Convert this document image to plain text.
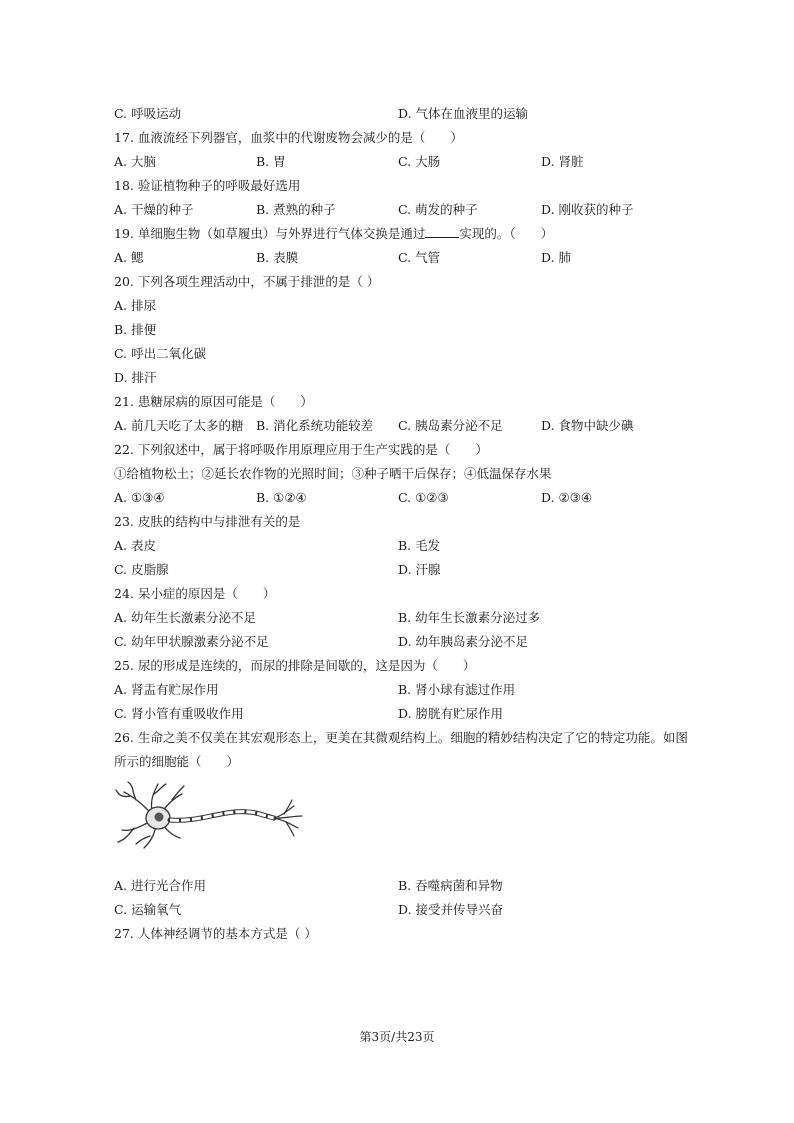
C. 呼吸运动	D. 气体在血液里的运输
17. 血液流经下列器官，血浆中的代谢废物会减少的是（　　）
A. 大脑	B. 胃	C. 大肠	D. 肾脏
18. 验证植物种子的呼吸最好选用
A. 干燥的种子	B. 煮熟的种子	C. 萌发的种子	D. 刚收获的种子
19. 单细胞生物（如草履虫）与外界进行气体交换是通过	实现的。（　　）
A. 鳃	B. 表膜	C. 气管	D. 肺
20. 下列各项生理活动中，不属于排泄的是（ ）
A. 排尿
B. 排便
C. 呼出二氧化碳
D. 排汗
21. 患糖尿病的原因可能是（　　）
A. 前几天吃了太多的糖 B. 消化系统功能较差 C. 胰岛素分泌不足	D. 食物中缺少碘
22. 下列叙述中，属于将呼吸作用原理应用于生产实践的是（　　）
①给植物松土；②延长农作物的光照时间；③种子晒干后保存；④低温保存水果
A. ①③④	B. ①②④	C. ①②③	D. ②③④
23. 皮肤的结构中与排泄有关的是
A. 表皮	B. 毛发
C. 皮脂腺	D. 汗腺
24. 呆小症的原因是（　　）
A. 幼年生长激素分泌不足	B. 幼年生长激素分泌过多
C. 幼年甲状腺激素分泌不足	D. 幼年胰岛素分泌不足
25. 尿的形成是连续的，而尿的排除是间歇的，这是因为（　　）
A. 肾盂有贮尿作用	B. 肾小球有滤过作用
C. 肾小管有重吸收作用	D. 膀胱有贮尿作用
26. 生命之美不仅美在其宏观形态上，更美在其微观结构上。细胞的精妙结构决定了它的特定功能。如图
所示的细胞能（　　）
A. 进行光合作用	B. 吞噬病菌和异物
C. 运输氧气	D. 接受并传导兴奋
27. 人体神经调节的基本方式是（ ）
第3页/共23页
